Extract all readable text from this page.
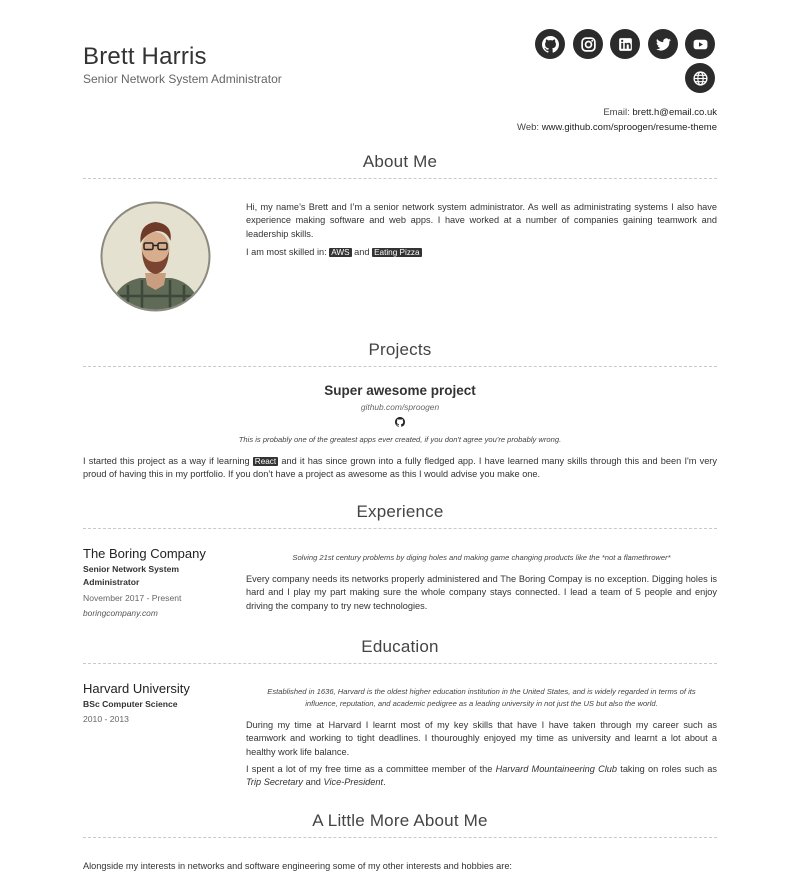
Brett Harris
Senior Network System Administrator
Email: brett.h@email.co.uk
Web: www.github.com/sproogen/resume-theme
About Me
Hi, my name’s Brett and I’m a senior network system administrator. As well as administrating systems I also have experience making software and web apps. I have worked at a number of companies gaining teamwork and leadership skills.
I am most skilled in: AWS and Eating Pizza
Projects
Super awesome project
github.com/sproogen
This is probably one of the greatest apps ever created, if you don't agree you're probably wrong.
I started this project as a way if learning React and it has since grown into a fully fledged app. I have learned many skills through this and been I'm very proud of having this in my portfolio. If you don’t have a project as awesome as this I would advise you make one.
Experience
The Boring Company
Senior Network System Administrator
November 2017 - Present
boringcompany.com
Solving 21st century problems by diging holes and making game changing products like the *not a flamethrower*
Every company needs its networks properly administered and The Boring Compay is no exception. Digging holes is hard and I play my part making sure the whole company stays connected. I lead a team of 5 people and enjoy driving the company to try new technologies.
Education
Harvard University
BSc Computer Science
2010 - 2013
Established in 1636, Harvard is the oldest higher education institution in the United States, and is widely regarded in terms of its influence, reputation, and academic pedigree as a leading university in not just the US but also the world.
During my time at Harvard I learnt most of my key skills that have I have taken through my career such as teamwork and working to tight deadlines. I thouroughly enjoyed my time as university and learnt a lot about a healthy work life balance.
I spent a lot of my free time as a committee member of the Harvard Mountaineering Club taking on roles such as Trip Secretary and Vice-President.
A Little More About Me
Alongside my interests in networks and software engineering some of my other interests and hobbies are:
